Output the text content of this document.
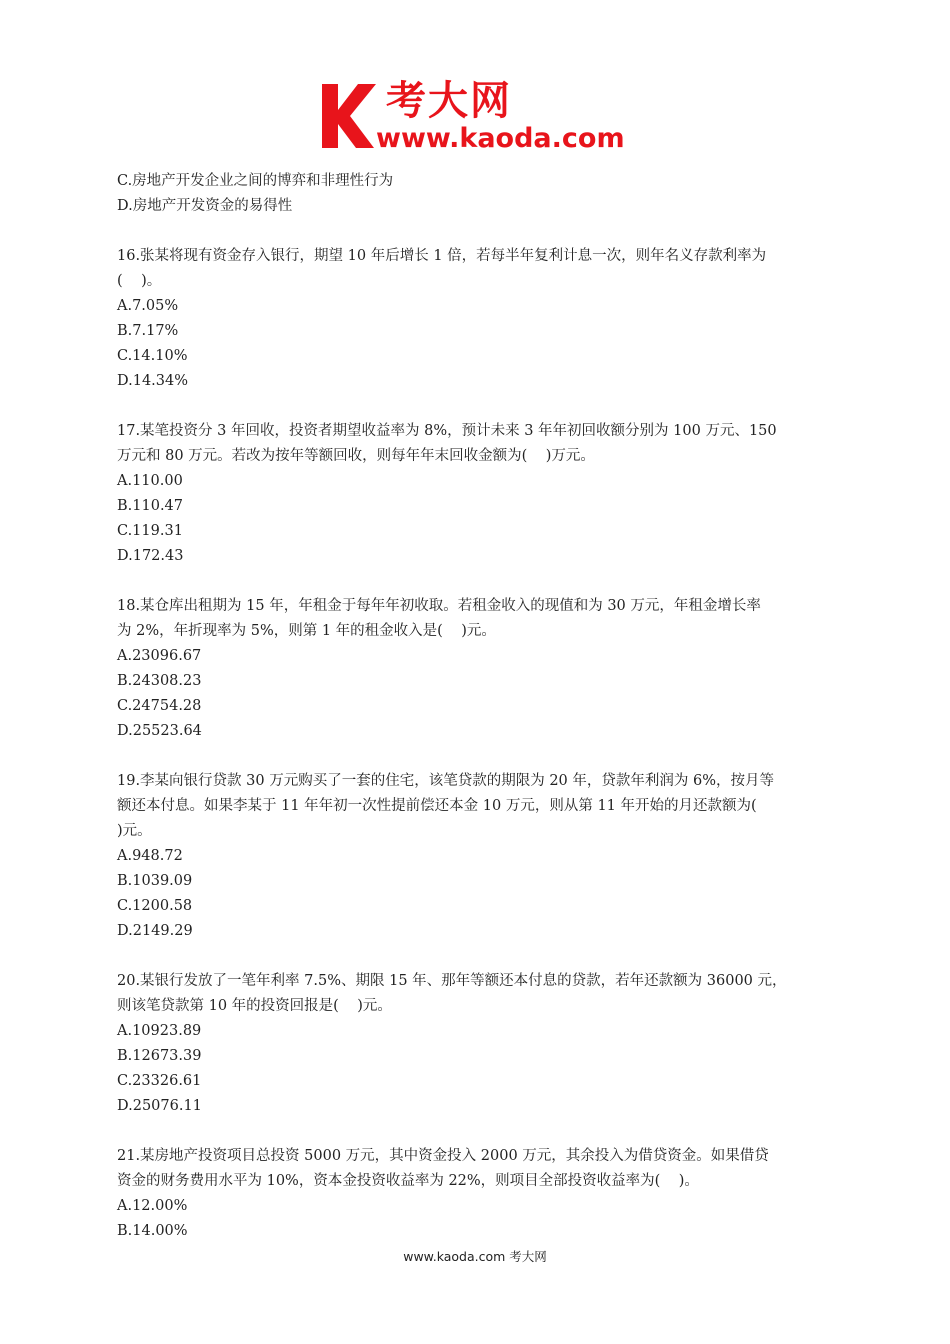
考大网
www.kaoda.com
C.房地产开发企业之间的博弈和非理性行为
D.房地产开发资金的易得性
16.张某将现有资金存入银行，期望 10 年后增长 1 倍，若每半年复利计息一次，则年名义存款利率为
(    )。
A.7.05%
B.7.17%
C.14.10%
D.14.34%
17.某笔投资分 3 年回收，投资者期望收益率为 8%，预计未来 3 年年初回收额分别为 100 万元、150
万元和 80 万元。若改为按年等额回收，则每年年末回收金额为(    )万元。
A.110.00
B.110.47
C.119.31
D.172.43
18.某仓库出租期为 15 年，年租金于每年年初收取。若租金收入的现值和为 30 万元，年租金增长率
为 2%，年折现率为 5%，则第 1 年的租金收入是(    )元。
A.23096.67
B.24308.23
C.24754.28
D.25523.64
19.李某向银行贷款 30 万元购买了一套的住宅，该笔贷款的期限为 20 年，贷款年利润为 6%，按月等
额还本付息。如果李某于 11 年年初一次性提前偿还本金 10 万元，则从第 11 年开始的月还款额为(
)元。
A.948.72
B.1039.09
C.1200.58
D.2149.29
20.某银行发放了一笔年利率 7.5%、期限 15 年、那年等额还本付息的贷款，若年还款额为 36000 元，
则该笔贷款第 10 年的投资回报是(    )元。
A.10923.89
B.12673.39
C.23326.61
D.25076.11
21.某房地产投资项目总投资 5000 万元，其中资金投入 2000 万元，其余投入为借贷资金。如果借贷
资金的财务费用水平为 10%，资本金投资收益率为 22%，则项目全部投资收益率为(    )。
A.12.00%
B.14.00%
www.kaoda.com 考大网
